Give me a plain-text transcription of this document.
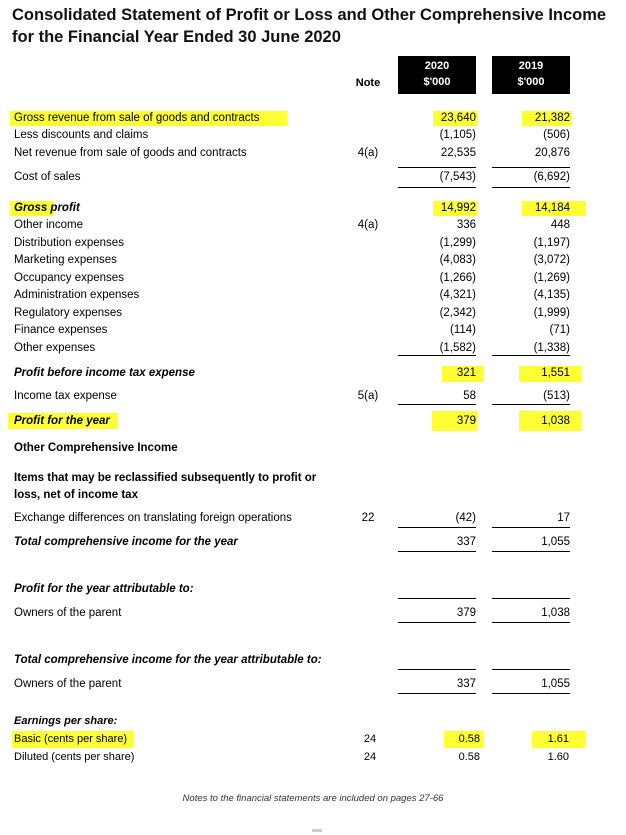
Consolidated Statement of Profit or Loss and Other Comprehensive Income for the Financial Year Ended 30 June 2020
Note
2020
$'000
2019
$'000
Gross revenue from sale of goods and contracts	23,640	21,382
Less discounts and claims	(1,105)	(506)
Net revenue from sale of goods and contracts	4(a)	22,535	20,876
Cost of sales	(7,543)	(6,692)
Gross profit	14,992	14,184
Other income	4(a)	336	448
Distribution expenses	(1,299)	(1,197)
Marketing expenses	(4,083)	(3,072)
Occupancy expenses	(1,266)	(1,269)
Administration expenses	(4,321)	(4,135)
Regulatory expenses	(2,342)	(1,999)
Finance expenses	(114)	(71)
Other expenses	(1,582)	(1,338)
Profit before income tax expense	321	1,551
Income tax expense	5(a)	58	(513)
Profit for the year	379	1,038
Other Comprehensive Income
Items that may be reclassified subsequently to profit or
loss, net of income tax
Exchange differences on translating foreign operations	22	(42)	17
Total comprehensive income for the year	337	1,055
Profit for the year attributable to:
Owners of the parent	379	1,038
Total comprehensive income for the year attributable to:
Owners of the parent	337	1,055
Earnings per share:
Basic (cents per share)	24	0.58	1.61
Diluted (cents per share)	24	0.58	1.60
Notes to the financial statements are included on pages 27-66
